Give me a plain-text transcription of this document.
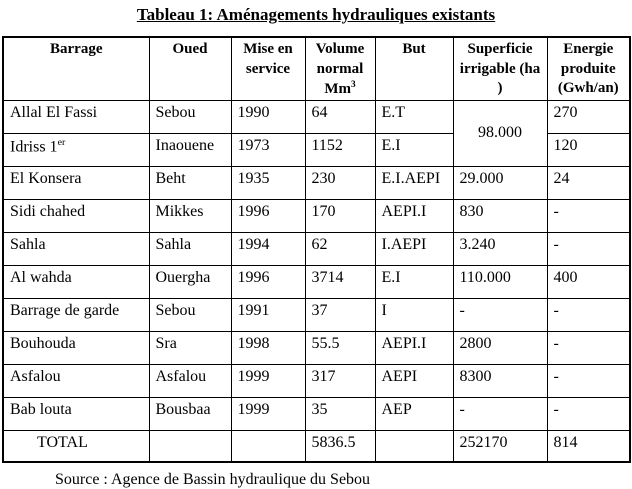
Tableau 1: Aménagements hydrauliques existants
Barrage	Oued	Mise en service	Volume normal Mm$^3$	But	Superficie irrigable (ha )	Energie produite (Gwh/an)
Allal El Fassi	Sebou	1990	64	E.T	98.000	270
Idriss 1er	Inaouene	1973	1152	E.I		120
El Konsera	Beht	1935	230	E.I.AEPI	29.000	24
Sidi chahed	Mikkes	1996	170	AEPI.I	830	-
Sahla	Sahla	1994	62	I.AEPI	3.240	-
Al wahda	Ouergha	1996	3714	E.I	110.000	400
Barrage de garde	Sebou	1991	37	I	-	-
Bouhouda	Sra	1998	55.5	AEPI.I	2800	-
Asfalou	Asfalou	1999	317	AEPI	8300	-
Bab louta	Bousbaa	1999	35	AEP	-	-
TOTAL			5836.5		252170	814
Source : Agence de Bassin hydraulique du Sebou
